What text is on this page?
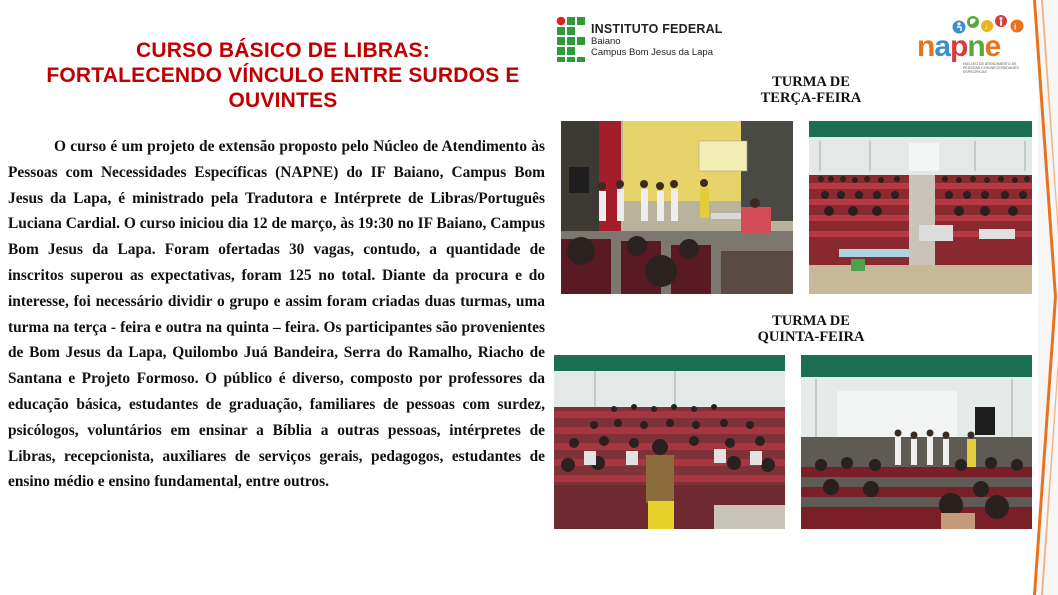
CURSO BÁSICO DE LIBRAS:
FORTALECENDO VÍNCULO ENTRE SURDOS E
OUVINTES

O curso é um projeto de extensão proposto pelo Núcleo de Atendimento às Pessoas com Necessidades Específicas (NAPNE) do IF Baiano, Campus Bom Jesus da Lapa, é ministrado pela Tradutora e Intérprete de Libras/Português Luciana Cardial. O curso iniciou dia 12 de março, às 19:30 no IF Baiano, Campus Bom Jesus da Lapa. Foram ofertadas 30 vagas, contudo, a quantidade de inscritos superou as expectativas, foram 125 no total. Diante da procura e do interesse, foi necessário dividir o grupo e assim foram criadas duas turmas, uma turma na terça - feira e outra na quinta – feira. Os participantes são provenientes de Bom Jesus da Lapa, Quilombo Juá Bandeira, Serra do Ramalho, Riacho de Santana e Projeto Formoso. O público é diverso, composto por professores da educação básica, estudantes de graduação, familiares de pessoas com surdez, psicólogos, voluntários em ensinar a Bíblia a outras pessoas, intérpretes de Libras, recepcionista, auxiliares de serviços gerais, pedagogos, estudantes de ensino médio e ensino fundamental, entre outros.

INSTITUTO FEDERAL
Baiano
Campus Bom Jesus da Lapa
♪	i
napne
NÚCLEO DE ATENDIMENTO ÀS PESSOAS COM NECESSIDADES ESPECÍFICAS
TURMA DE
TERÇA-FEIRA
TURMA DE
QUINTA-FEIRA
